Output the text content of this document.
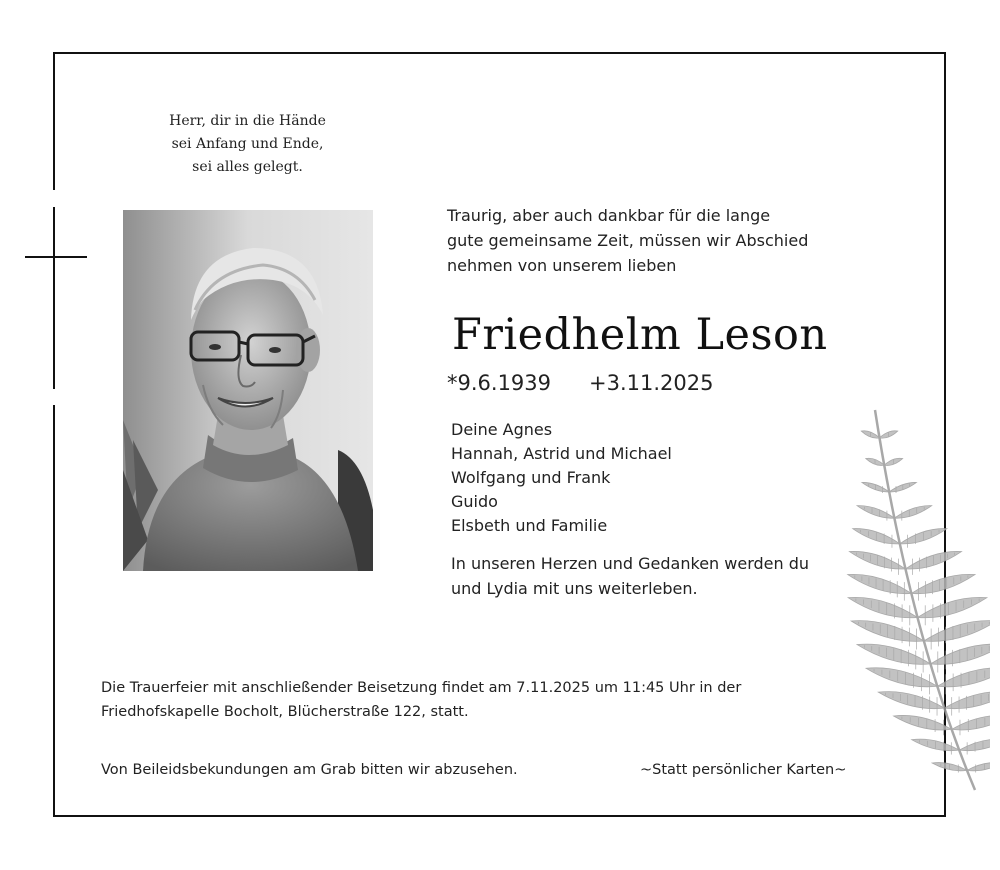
Herr, dir in die Hände
sei Anfang und Ende,
sei alles gelegt.
Traurig, aber auch dankbar für die lange
gute gemeinsame Zeit, müssen wir Abschied
nehmen von unserem lieben
Friedhelm Leson
*9.6.1939 +3.11.2025
Deine Agnes
Hannah, Astrid und Michael
Wolfgang und Frank
Guido
Elsbeth und Familie
In unseren Herzen und Gedanken werden du
und Lydia mit uns weiterleben.
Die Trauerfeier mit anschließender Beisetzung findet am 7.11.2025 um 11:45 Uhr in der
Friedhofskapelle Bocholt, Blücherstraße 122, statt.
Von Beileidsbekundungen am Grab bitten wir abzusehen.	~Statt persönlicher Karten~
